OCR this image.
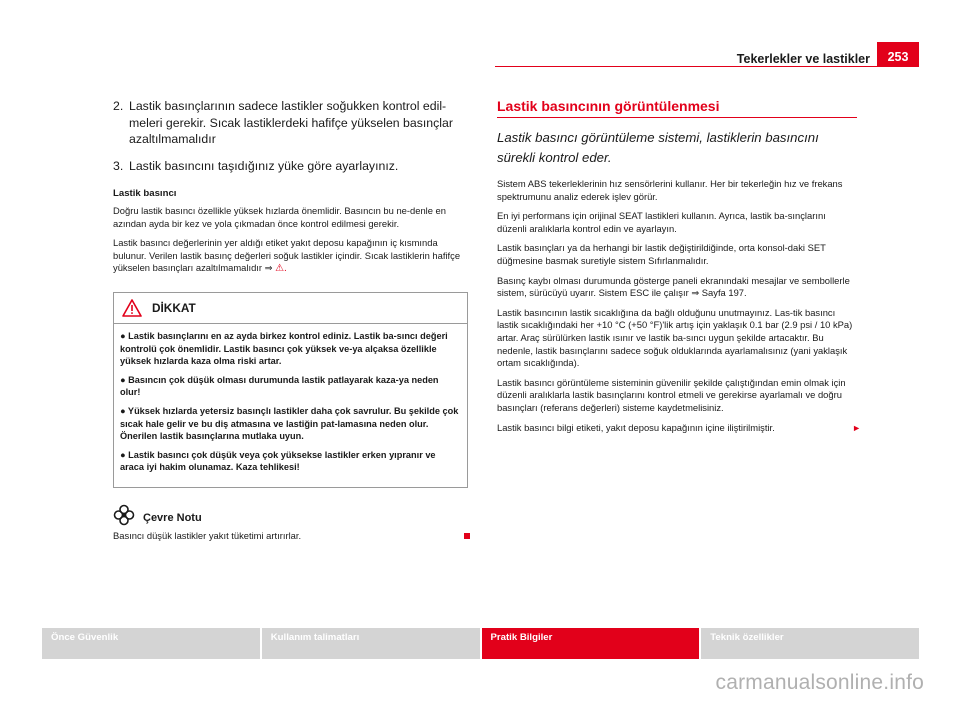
Tekerlekler ve lastikler	253
2. Lastik basınçlarının sadece lastikler soğukken kontrol edil-meleri gerekir. Sıcak lastiklerdeki hafifçe yükselen basınçlar azaltılmamalıdır
3. Lastik basıncını taşıdığınız yüke göre ayarlayınız.
Lastik basıncı

Doğru lastik basıncı özellikle yüksek hızlarda önemlidir. Basıncın bu ne-denle en azından ayda bir kez ve yola çıkmadan önce kontrol edilmesi gerekir.

Lastik basıncı değerlerinin yer aldığı etiket yakıt deposu kapağının iç kısmında bulunur. Verilen lastik basınç değerleri soğuk lastikler içindir. Sıcak lastiklerin hafifçe yükselen basınçları azaltılmamalıdır ⇒ ⚠.

DİKKAT

● Lastik basınçlarını en az ayda birkez kontrol ediniz. Lastik ba-sıncı değeri kontrolü çok önemlidir. Lastik basıncı çok yüksek ve-ya alçaksa özellikle yüksek hızlarda kaza olma riski artar.

● Basıncın çok düşük olması durumunda lastik patlayarak kaza-ya neden olur!

● Yüksek hızlarda yetersiz basınçlı lastikler daha çok savrulur. Bu şekilde çok sıcak hale gelir ve bu diş atmasına ve lastiğin pat-lamasına neden olur. Önerilen lastik basınçlarına mutlaka uyun.

● Lastik basıncı çok düşük veya çok yüksekse lastikler erken yıpranır ve araca iyi hakim olunamaz. Kaza tehlikesi!

Çevre Notu
Basıncı düşük lastikler yakıt tüketimi artırırlar.
Lastik basıncının görüntülenmesi
Lastik basıncı görüntüleme sistemi, lastiklerin basıncını sürekli kontrol eder.

Sistem ABS tekerleklerinin hız sensörlerini kullanır. Her bir tekerleğin hız ve frekans spektrumunu analiz ederek işlev görür.

En iyi performans için orijinal SEAT lastikleri kullanın. Ayrıca, lastik ba-sınçlarını düzenli aralıklarla kontrol edin ve ayarlayın.

Lastik basınçları ya da herhangi bir lastik değiştirildiğinde, orta konsol-daki SET düğmesine basmak suretiyle sistem Sıfırlanmalıdır.

Basınç kaybı olması durumunda gösterge paneli ekranındaki mesajlar ve sembollerle sistem, sürücüyü uyarır. Sistem ESC ile çalışır ⇒ Sayfa 197.

Lastik basıncının lastik sıcaklığına da bağlı olduğunu unutmayınız. Las-tik basıncı lastik sıcaklığındaki her +10 °C (+50 °F)'lik artış için yaklaşık 0.1 bar (2.9 psi / 10 kPa) artar. Araç sürülürken lastik ısınır ve lastik ba-sıncı uygun şekilde artacaktır. Bu nedenle, lastik basınçlarını sadece soğuk olduklarında ayarlamalısınız (yani yaklaşık ortam sıcaklığında).

Lastik basıncı görüntüleme sisteminin güvenilir şekilde çalıştığından emin olmak için düzenli aralıklarla lastik basınçlarını kontrol etmeli ve gerekirse ayarlamalı ve doğru basınçları (referans değerleri) sisteme kaydetmelisiniz.

Lastik basıncı bilgi etiketi, yakıt deposu kapağının içine iliştirilmiştir.	►

Önce Güvenlik	Kullanım talimatları	Pratik Bilgiler	Teknik özellikler
carmanualsonline.info
